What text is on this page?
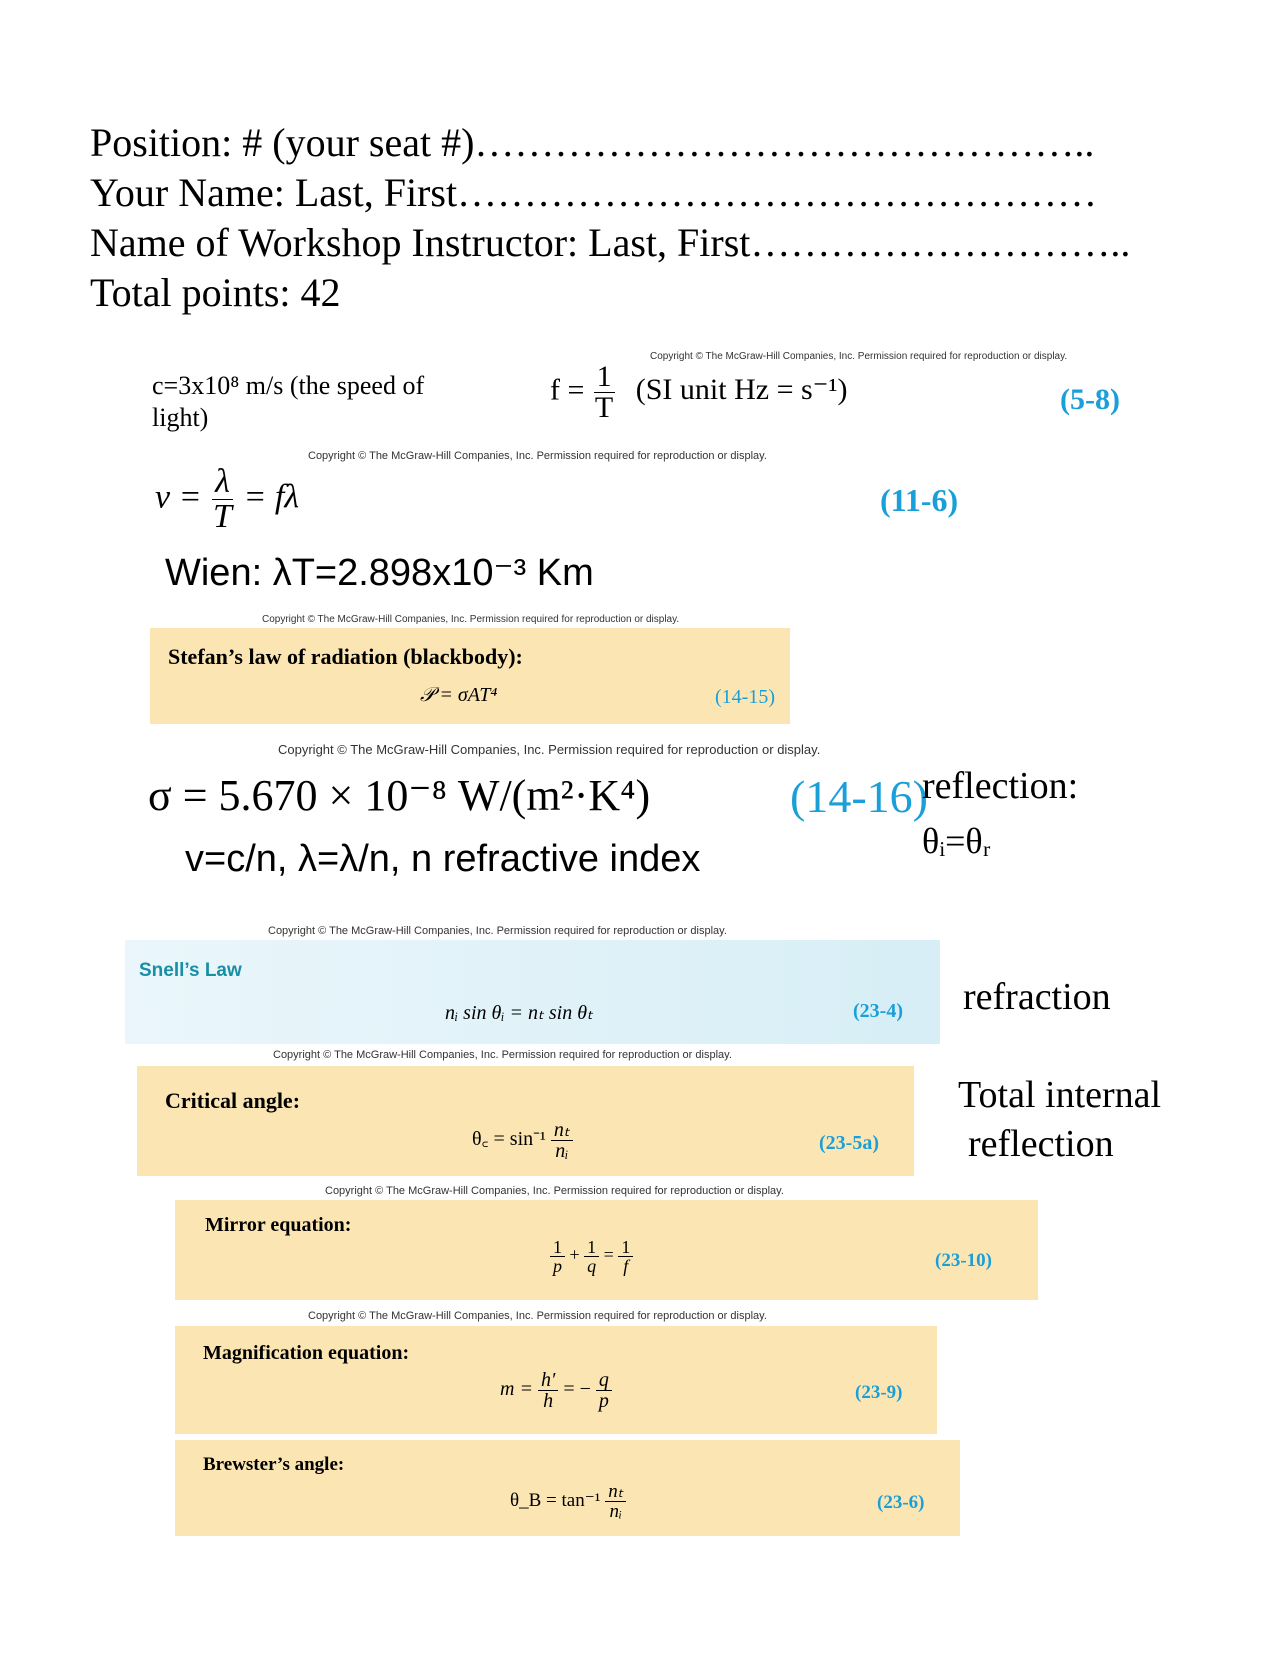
Position: # (your seat #)………………………………………..
Your Name: Last, First…………………………………………
Name of Workshop Instructor: Last, First………………………..
Total points: 42
Copyright © The McGraw-Hill Companies, Inc. Permission required for reproduction or display.
c=3x10⁸ m/s (the speed of light)
$f = \frac{1}{T} (SI$ unit Hz = s⁻¹)	(5-8)
Copyright © The McGraw-Hill Companies, Inc. Permission required for reproduction or display.
$v = \frac{\lambda}{T} = f\lambda$	(11-6)
Wien: λT=2.898x10⁻³ Km
Copyright © The McGraw-Hill Companies, Inc. Permission required for reproduction or display.
Stefan’s law of radiation (blackbody):
𝒫 = σAT⁴	(14-15)
Copyright © The McGraw-Hill Companies, Inc. Permission required for reproduction or display.
σ = 5.670 × 10⁻⁸ W/(m²·K⁴)	(14-16)
reflection:
θᵢ=θᵣ
v=c/n, λ=λ/n, n refractive index
Copyright © The McGraw-Hill Companies, Inc. Permission required for reproduction or display.
Snell’s Law
nᵢ sin θᵢ = nₜ sin θₜ	(23-4) refraction
Copyright © The McGraw-Hill Companies, Inc. Permission required for reproduction or display.
Critical angle:
θ꜀ = $\sin^{-1} \frac{\text{nₜ}}{\text{nᵢ}}$	(23-5a)
Total internal
reflection
Copyright © The McGraw-Hill Companies, Inc. Permission required for reproduction or display.
Mirror equation:
$\frac{1}{p} + \frac{1}{q} = \frac{1}{f}$	(23-10)
Copyright © The McGraw-Hill Companies, Inc. Permission required for reproduction or display.
Magnification equation:
$m = \frac{h'}{h}$ = − $\frac{q}{p}$	(23-9)
Brewster’s angle:
θ_B = $\tan^{-1} \frac{\text{nₜ}}{\text{nᵢ}}$	(23-6)
